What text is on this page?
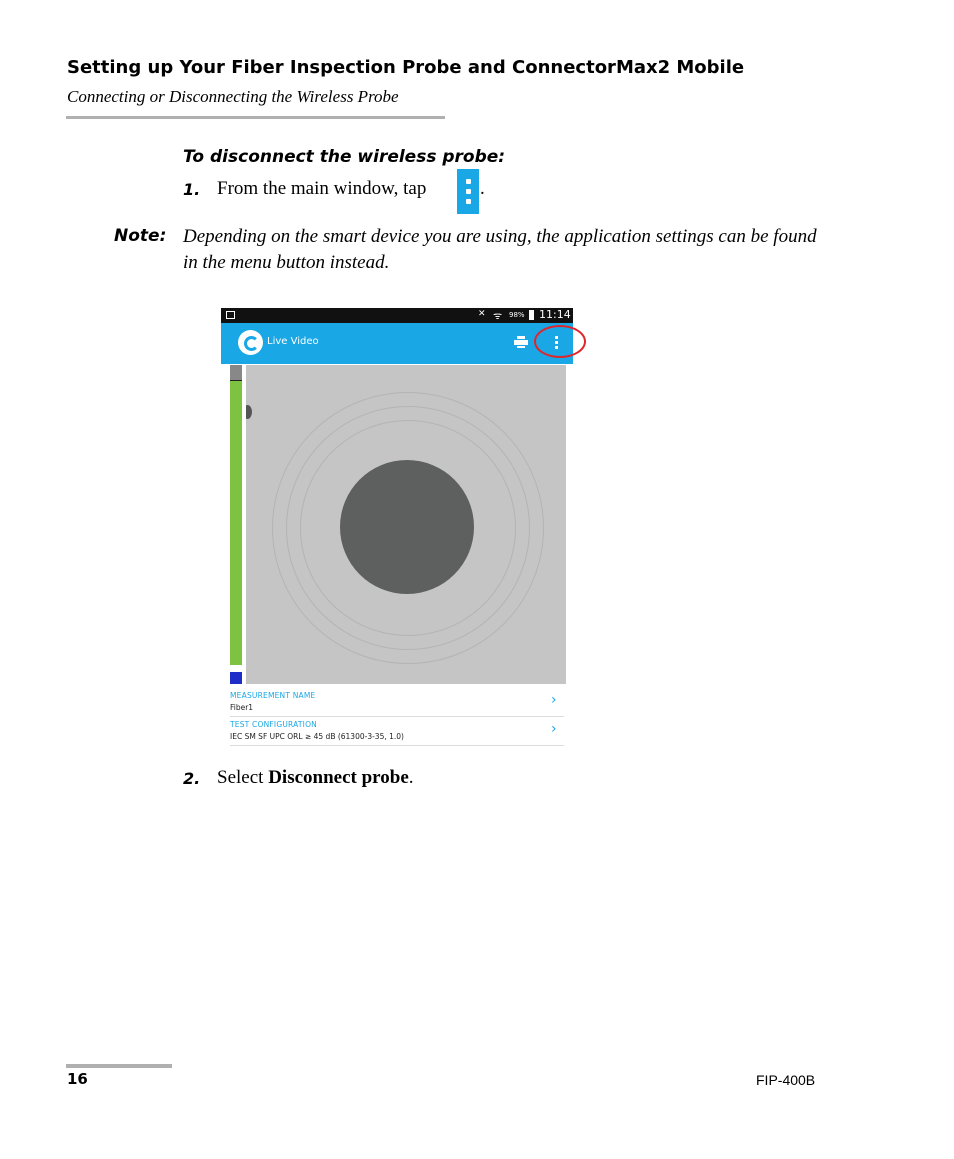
Setting up Your Fiber Inspection Probe and ConnectorMax2 Mobile
Connecting or Disconnecting the Wireless Probe
To disconnect the wireless probe:
1. From the main window, tap	.
Note: Depending on the smart device you are using, the application settings can be found in the menu button instead.
✕ ᯤ 98% 11:14
Live Video
MEASUREMENT NAME
Fiber1	›
TEST CONFIGURATION
IEC SM SF UPC ORL ≥ 45 dB (61300-3-35, 1.0)	›
2. Select Disconnect probe.
16	FIP-400B
